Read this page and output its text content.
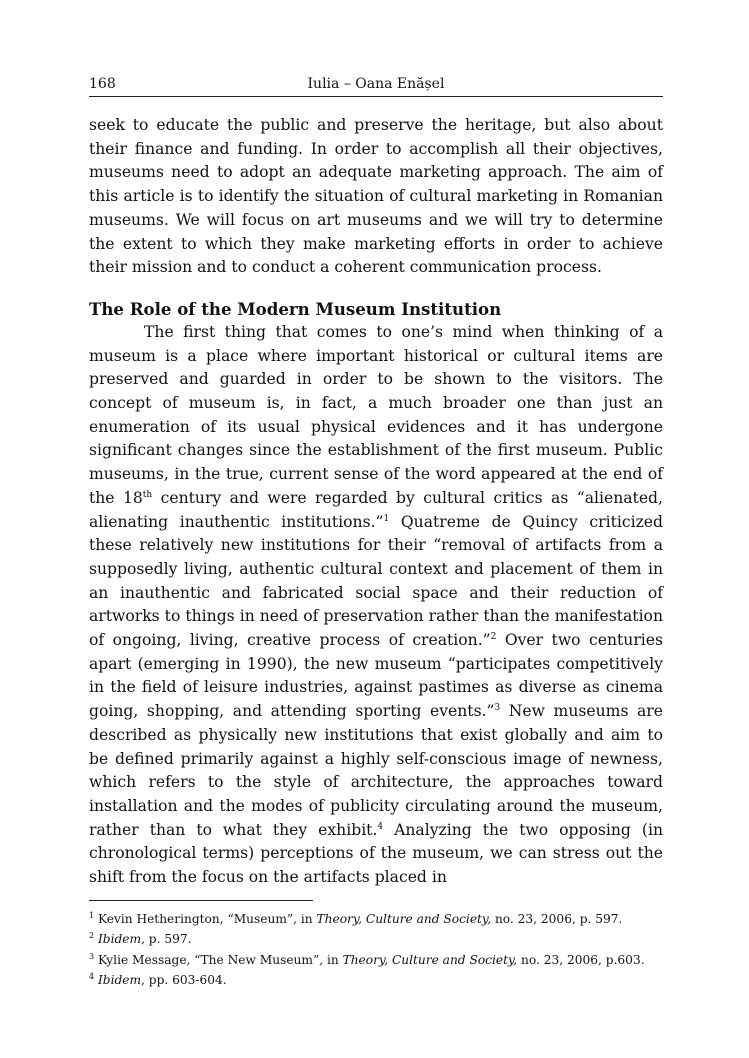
168	Iulia – Oana Enășel

seek to educate the public and preserve the heritage, but also about their finance and funding. In order to accomplish all their objectives, museums need to adopt an adequate marketing approach. The aim of this article is to identify the situation of cultural marketing in Romanian museums. We will focus on art museums and we will try to determine the extent to which they make marketing efforts in order to achieve their mission and to conduct a coherent communication process.

The Role of the Modern Museum Institution

The first thing that comes to one’s mind when thinking of a museum is a place where important historical or cultural items are preserved and guarded in order to be shown to the visitors. The concept of museum is, in fact, a much broader one than just an enumeration of its usual physical evidences and it has undergone significant changes since the establishment of the first museum. Public museums, in the true, current sense of the word appeared at the end of the 18th century and were regarded by cultural critics as “alienated, alienating inauthentic institutions.”$^1$ Quatreme de Quincy criticized these relatively new institutions for their “removal of artifacts from a supposedly living, authentic cultural context and placement of them in an inauthentic and fabricated social space and their reduction of artworks to things in need of preservation rather than the manifestation of ongoing, living, creative process of creation.”$^2$ Over two centuries apart (emerging in 1990), the new museum “participates competitively in the field of leisure industries, against pastimes as diverse as cinema going, shopping, and attending sporting events.”$^3$ New museums are described as physically new institutions that exist globally and aim to be defined primarily against a highly self-conscious image of newness, which refers to the style of architecture, the approaches toward installation and the modes of publicity circulating around the museum, rather than to what they exhibit.$^4$ Analyzing the two opposing (in chronological terms) perceptions of the museum, we can stress out the shift from the focus on the artifacts placed in

$^1$ Kevin Hetherington, “Museum”, in Theory, Culture and Society, no. 23, 2006, p. 597.
$^2$ Ibidem, p. 597.
$^3$ Kylie Message, “The New Museum”, in Theory, Culture and Society, no. 23, 2006, p.603.
$^4$ Ibidem, pp. 603-604.
